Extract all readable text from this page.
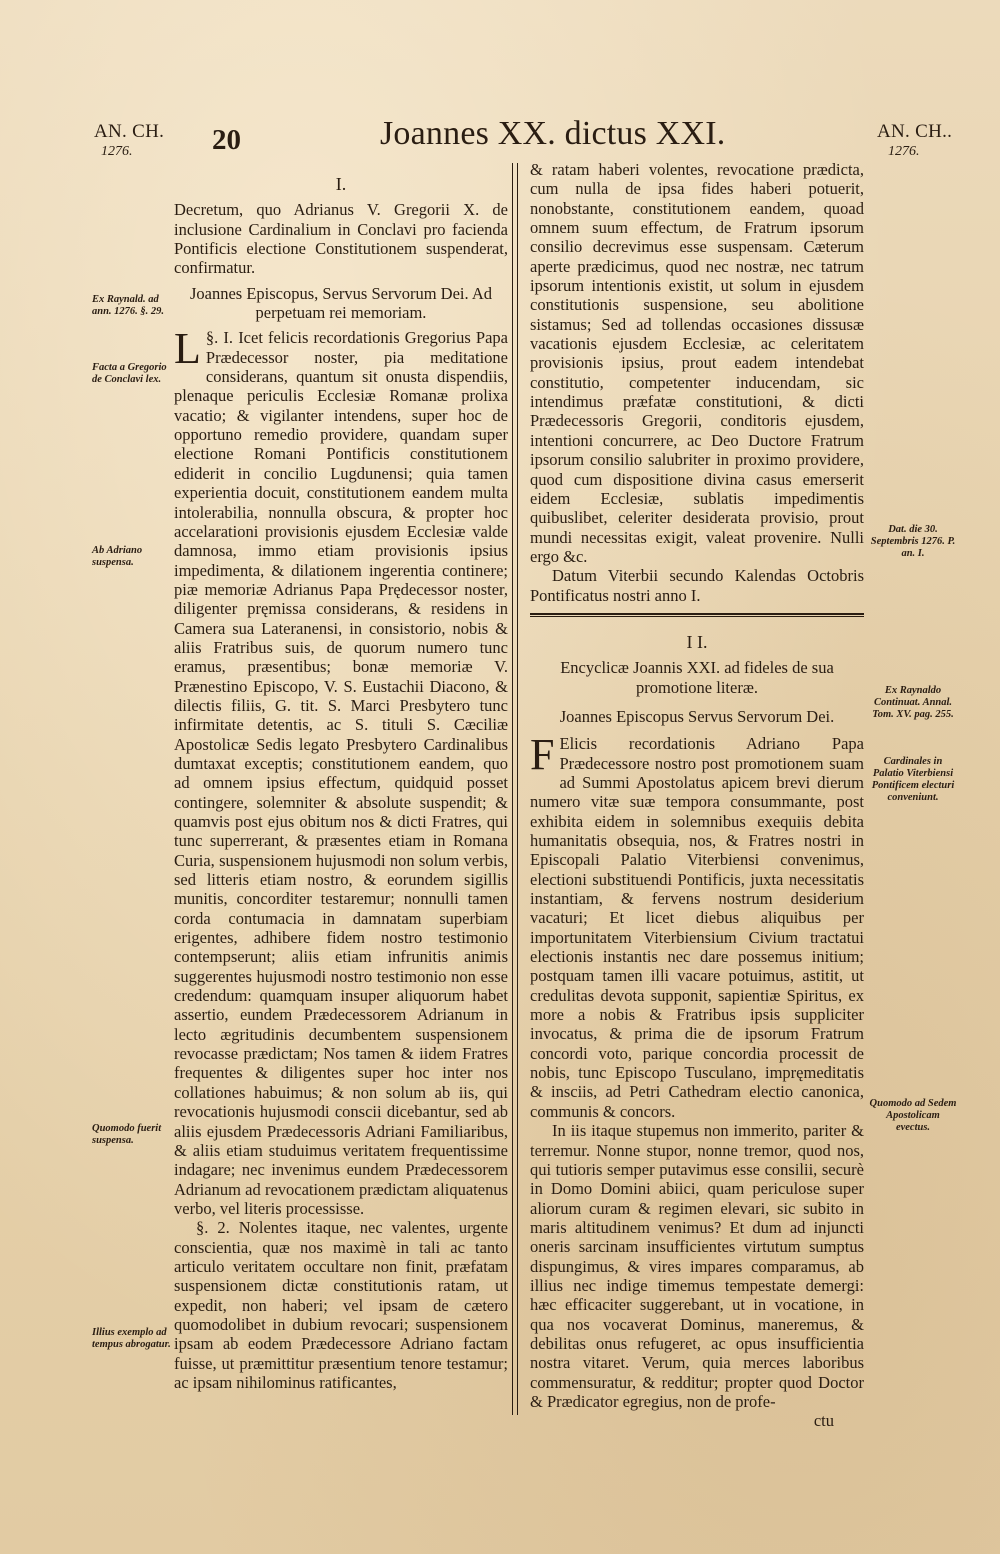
AN. CH.
1276.	20	Joannes XX. dictus XXI.	AN. CH..
1276.
Ex Raynald. ad ann. 1276. §. 29.
Facta a Gregorio de Conclavi lex.
Ab Adriano suspensa.
Quomodo fuerit suspensa.
Illius exemplo ad tempus abrogatur.
Dat. die 30. Septembris 1276. P. an. I.
Ex Raynaldo Continuat. Annal. Tom. XV. pag. 255.
Cardinales in Palatio Viterbiensi Pontificem electuri conveniunt.
Quomodo ad Sedem Apostolicam evectus.
I.

Decretum, quo Adrianus V. Gregorii X. de inclusione Cardinalium in Conclavi pro facienda Pontificis electione Constitutionem suspenderat, confirmatur.

Joannes Episcopus, Servus Servorum Dei. Ad perpetuam rei memoriam.

§. I.
L Icet felicis recordationis Gregorius Papa Prædecessor noster, pia meditatione considerans, quantum sit onusta dispendiis, plenaque periculis Ecclesiæ Romanæ prolixa vacatio; & vigilanter intendens, super hoc de opportuno remedio providere, quandam super electione Romani Pontificis constitutionem ediderit in concilio Lugdunensi; quia tamen experientia docuit, constitutionem eandem multa intolerabilia, nonnulla obscura, & propter hoc accelarationi provisionis ejusdem Ecclesiæ valde damnosa, immo etiam provisionis ipsius impedimenta, & dilationem ingerentia continere; piæ memoriæ Adrianus Papa Prędecessor noster, diligenter pręmissa considerans, & residens in Camera sua Lateranensi, in consistorio, nobis & aliis Fratribus suis, de quorum numero tunc eramus, præsentibus; bonæ memoriæ V. Prænestino Episcopo, V. S. Eustachii Diacono, & dilectis filiis, G. tit. S. Marci Presbytero tunc infirmitate detentis, ac S. tituli S. Cæciliæ Apostolicæ Sedis legato Presbytero Cardinalibus dumtaxat exceptis; constitutionem eandem, quo ad omnem ipsius effectum, quidquid posset contingere, solemniter & absolute suspendit; & quamvis post ejus obitum nos & dicti Fratres, qui tunc superrerant, & præsentes etiam in Romana Curia, suspensionem hujusmodi non solum verbis, sed litteris etiam nostro, & eorundem sigillis munitis, concorditer testaremur; nonnulli tamen corda contumacia in damnatam superbiam erigentes, adhibere fidem nostro testimonio contempserunt; aliis etiam infrunitis animis suggerentes hujusmodi nostro testimonio non esse credendum: quamquam insuper aliquorum habet assertio, eundem Prædecessorem Adrianum in lecto ægritudinis decumbentem suspensionem revocasse prædictam; Nos tamen & iidem Fratres frequentes & diligentes super hoc inter nos collationes habuimus; & non solum ab iis, qui revocationis hujusmodi conscii dicebantur, sed ab aliis ejusdem Prædecessoris Adriani Familiaribus, & aliis etiam studuimus veritatem frequentissime indagare; nec invenimus eundem Prædecessorem Adrianum ad revocationem prædictam aliquatenus verbo, vel literis processisse.

§. 2. Nolentes itaque, nec valentes, urgente conscientia, quæ nos maximè in tali ac tanto articulo veritatem occultare non finit, præfatam suspensionem dictæ constitutionis ratam, ut expedit, non haberi; vel ipsam de cætero quomodolibet in dubium revocari; suspensionem ipsam ab eodem Prædecessore Adriano factam fuisse, ut præmittitur præsentium tenore testamur; ac ipsam nihilominus ratificantes,

& ratam haberi volentes, revocatione prædicta, cum nulla de ipsa fides haberi potuerit, nonobstante, constitutionem eandem, quoad omnem suum effectum, de Fratrum ipsorum consilio decrevimus esse suspensam. Cæterum aperte prædicimus, quod nec nostræ, nec tatrum ipsorum intentionis existit, ut solum in ejusdem constitutionis suspensione, seu abolitione sistamus; Sed ad tollendas occasiones dissusæ vacationis ejusdem Ecclesiæ, ac celeritatem provisionis ipsius, prout eadem intendebat constitutio, competenter inducendam, sic intendimus præfatæ constitutioni, & dicti Prædecessoris Gregorii, conditoris ejusdem, intentioni concurrere, ac Deo Ductore Fratrum ipsorum consilio salubriter in proximo providere, quod cum dispositione divina casus emerserit eidem Ecclesiæ, sublatis impedimentis quibuslibet, celeriter desiderata provisio, prout mundi necessitas exigit, valeat provenire. Nulli ergo &c.

Datum Viterbii secundo Kalendas Octobris Pontificatus nostri anno I.

I I.

Encyclicæ Joannis XXI. ad fideles de sua promotione literæ.

Joannes Episcopus Servus Servorum Dei.

F Elicis recordationis Adriano Papa Prædecessore nostro post promotionem suam ad Summi Apostolatus apicem brevi dierum numero vitæ suæ tempora consummante, post exhibita eidem in solemnibus exequiis debita humanitatis obsequia, nos, & Fratres nostri in Episcopali Palatio Viterbiensi convenimus, electioni substituendi Pontificis, juxta necessitatis instantiam, & fervens nostrum desiderium vacaturi; Et licet diebus aliquibus per importunitatem Viterbiensium Civium tractatui electionis instantis nec dare possemus initium; postquam tamen illi vacare potuimus, astitit, ut credulitas devota supponit, sapientiæ Spiritus, ex more a nobis & Fratribus ipsis suppliciter invocatus, & prima die de ipsorum Fratrum concordi voto, parique concordia processit de nobis, tunc Episcopo Tusculano, impręmeditatis & insciis, ad Petri Cathedram electio canonica, communis & concors.

In iis itaque stupemus non immerito, pariter & terremur. Nonne stupor, nonne tremor, quod nos, qui tutioris semper putavimus esse consilii, securè in Domo Domini abiici, quam periculose super aliorum curam & regimen elevari, sic subito in maris altitudinem venimus? Et dum ad injuncti oneris sarcinam insufficientes virtutum sumptus dispungimus, & vires impares comparamus, ab illius nec indige timemus tempestate demergi: hæc efficaciter suggerebant, ut in vocatione, in qua nos vocaverat Dominus, maneremus, & debilitas onus refugeret, ac opus insufficientia nostra vitaret. Verum, quia merces laboribus commensuratur, & redditur; propter quod Doctor & Prædicator egregius, non de profe-

ctu
